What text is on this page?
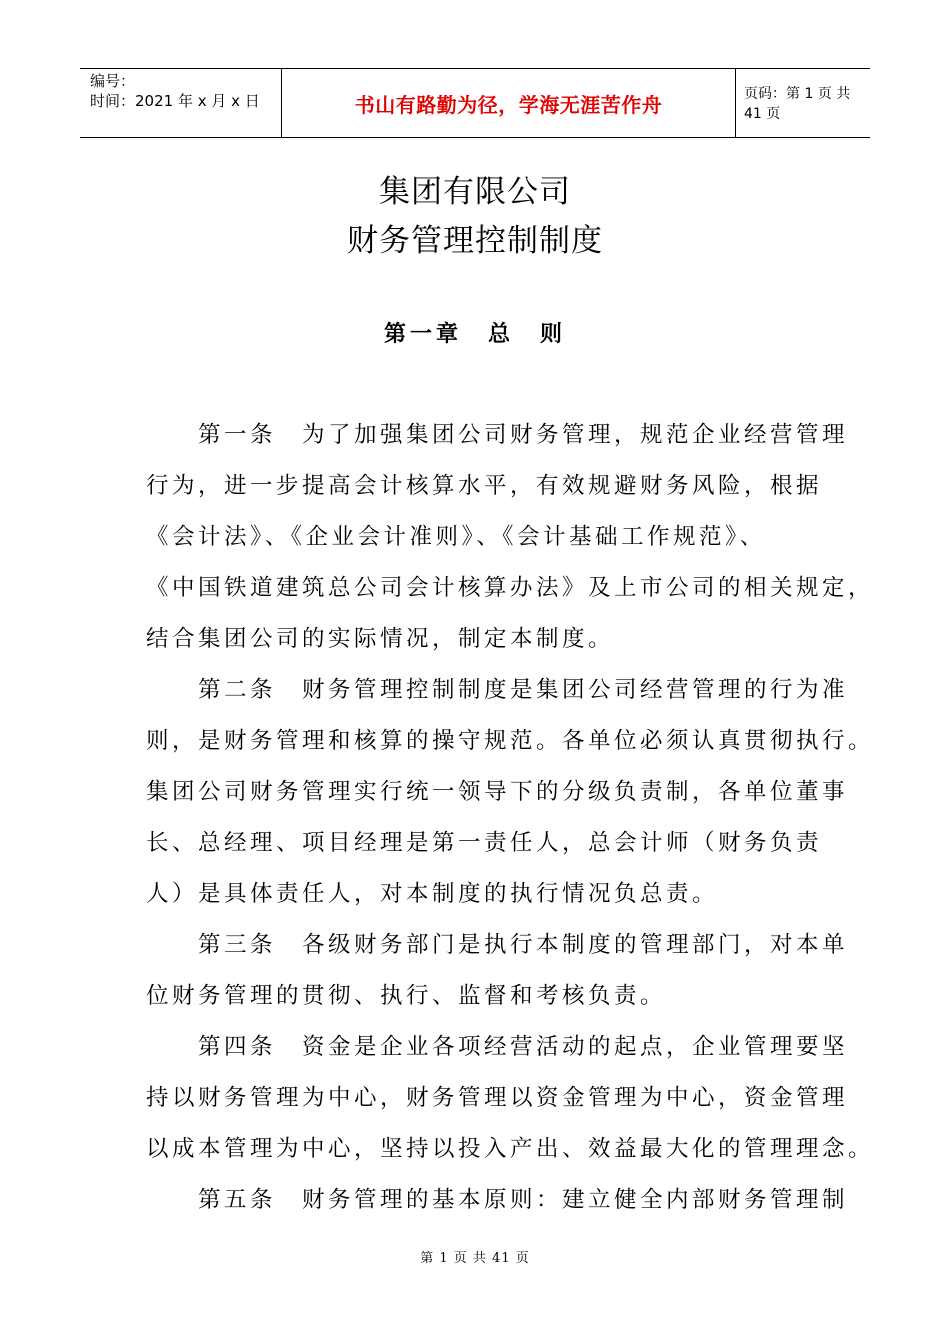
编号：
时间：2021 年 x 月 x 日	书山有路勤为径，学海无涯苦作舟	页码：第 1 页 共 41 页
集团有限公司
财务管理控制制度
第一章　总　则
　　第一条　为了加强集团公司财务管理，规范企业经营管理
行为，进一步提高会计核算水平，有效规避财务风险，根据
《会计法》、《企业会计准则》、《会计基础工作规范》、
《中国铁道建筑总公司会计核算办法》及上市公司的相关规定，
结合集团公司的实际情况，制定本制度。
　　第二条　财务管理控制制度是集团公司经营管理的行为准
则，是财务管理和核算的操守规范。各单位必须认真贯彻执行。
集团公司财务管理实行统一领导下的分级负责制，各单位董事
长、总经理、项目经理是第一责任人，总会计师（财务负责
人）是具体责任人，对本制度的执行情况负总责。
　　第三条　各级财务部门是执行本制度的管理部门，对本单
位财务管理的贯彻、执行、监督和考核负责。
　　第四条　资金是企业各项经营活动的起点，企业管理要坚
持以财务管理为中心，财务管理以资金管理为中心，资金管理
以成本管理为中心，坚持以投入产出、效益最大化的管理理念。
　　第五条　财务管理的基本原则：建立健全内部财务管理制
第 1 页 共 41 页
